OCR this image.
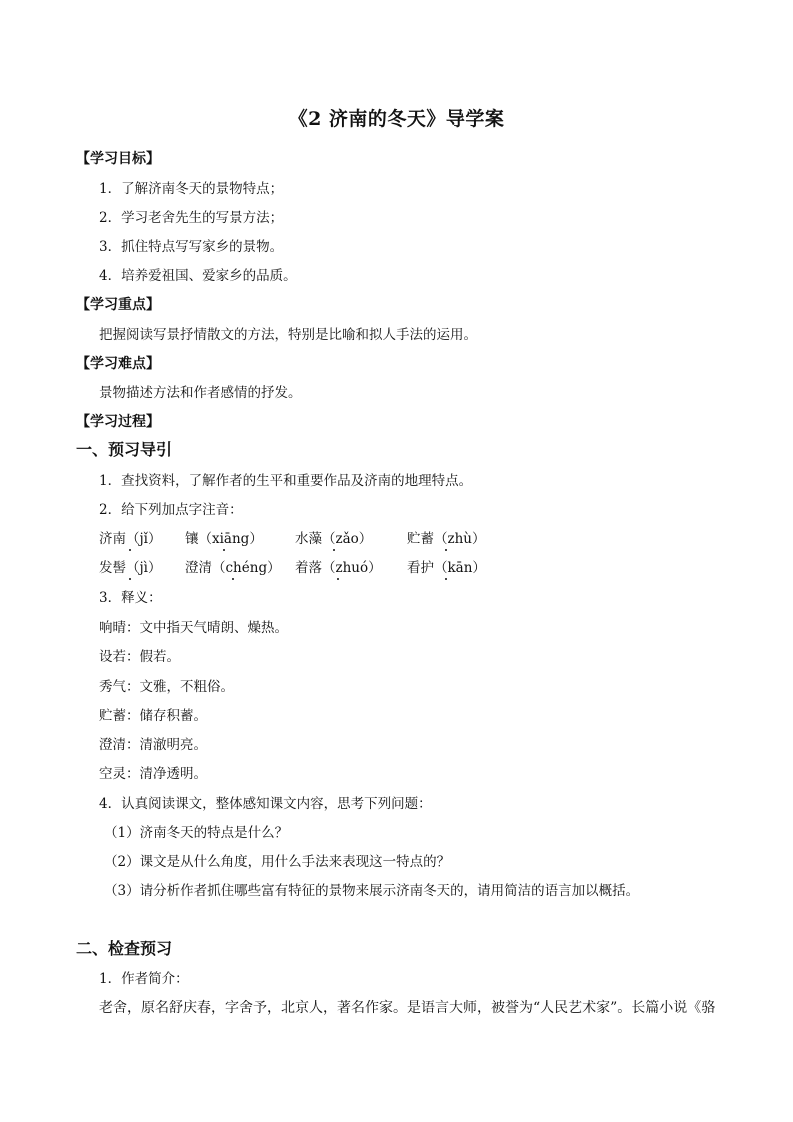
《2 济南的冬天》导学案
【学习目标】
1．了解济南冬天的景物特点；
2．学习老舍先生的写景方法；
3．抓住特点写写家乡的景物。
4．培养爱祖国、爱家乡的品质。
【学习重点】
把握阅读写景抒情散文的方法，特别是比喻和拟人手法的运用。
【学习难点】
景物描述方法和作者感情的抒发。
【学习过程】
一、预习导引
1．查找资料，了解作者的生平和重要作品及济南的地理特点。
2．给下列加点字注音：
济南（jǐ） 镶（xiāng） 水藻（zǎo）	贮蓄（zhù）
发髻（jì） 澄清（chéng） 着落（zhuó） 看护（kān）
3．释义：
响晴：文中指天气晴朗、燥热。
设若：假若。
秀气：文雅，不粗俗。
贮蓄：储存积蓄。
澄清：清澈明亮。
空灵：清净透明。
4．认真阅读课文，整体感知课文内容，思考下列问题：
（1）济南冬天的特点是什么？
（2）课文是从什么角度，用什么手法来表现这一特点的？
（3）请分析作者抓住哪些富有特征的景物来展示济南冬天的，请用简洁的语言加以概括。
二、检查预习
1．作者简介：
老舍，原名舒庆春，字舍予，北京人，著名作家。是语言大师，被誉为“人民艺术家”。长篇小说《骆
